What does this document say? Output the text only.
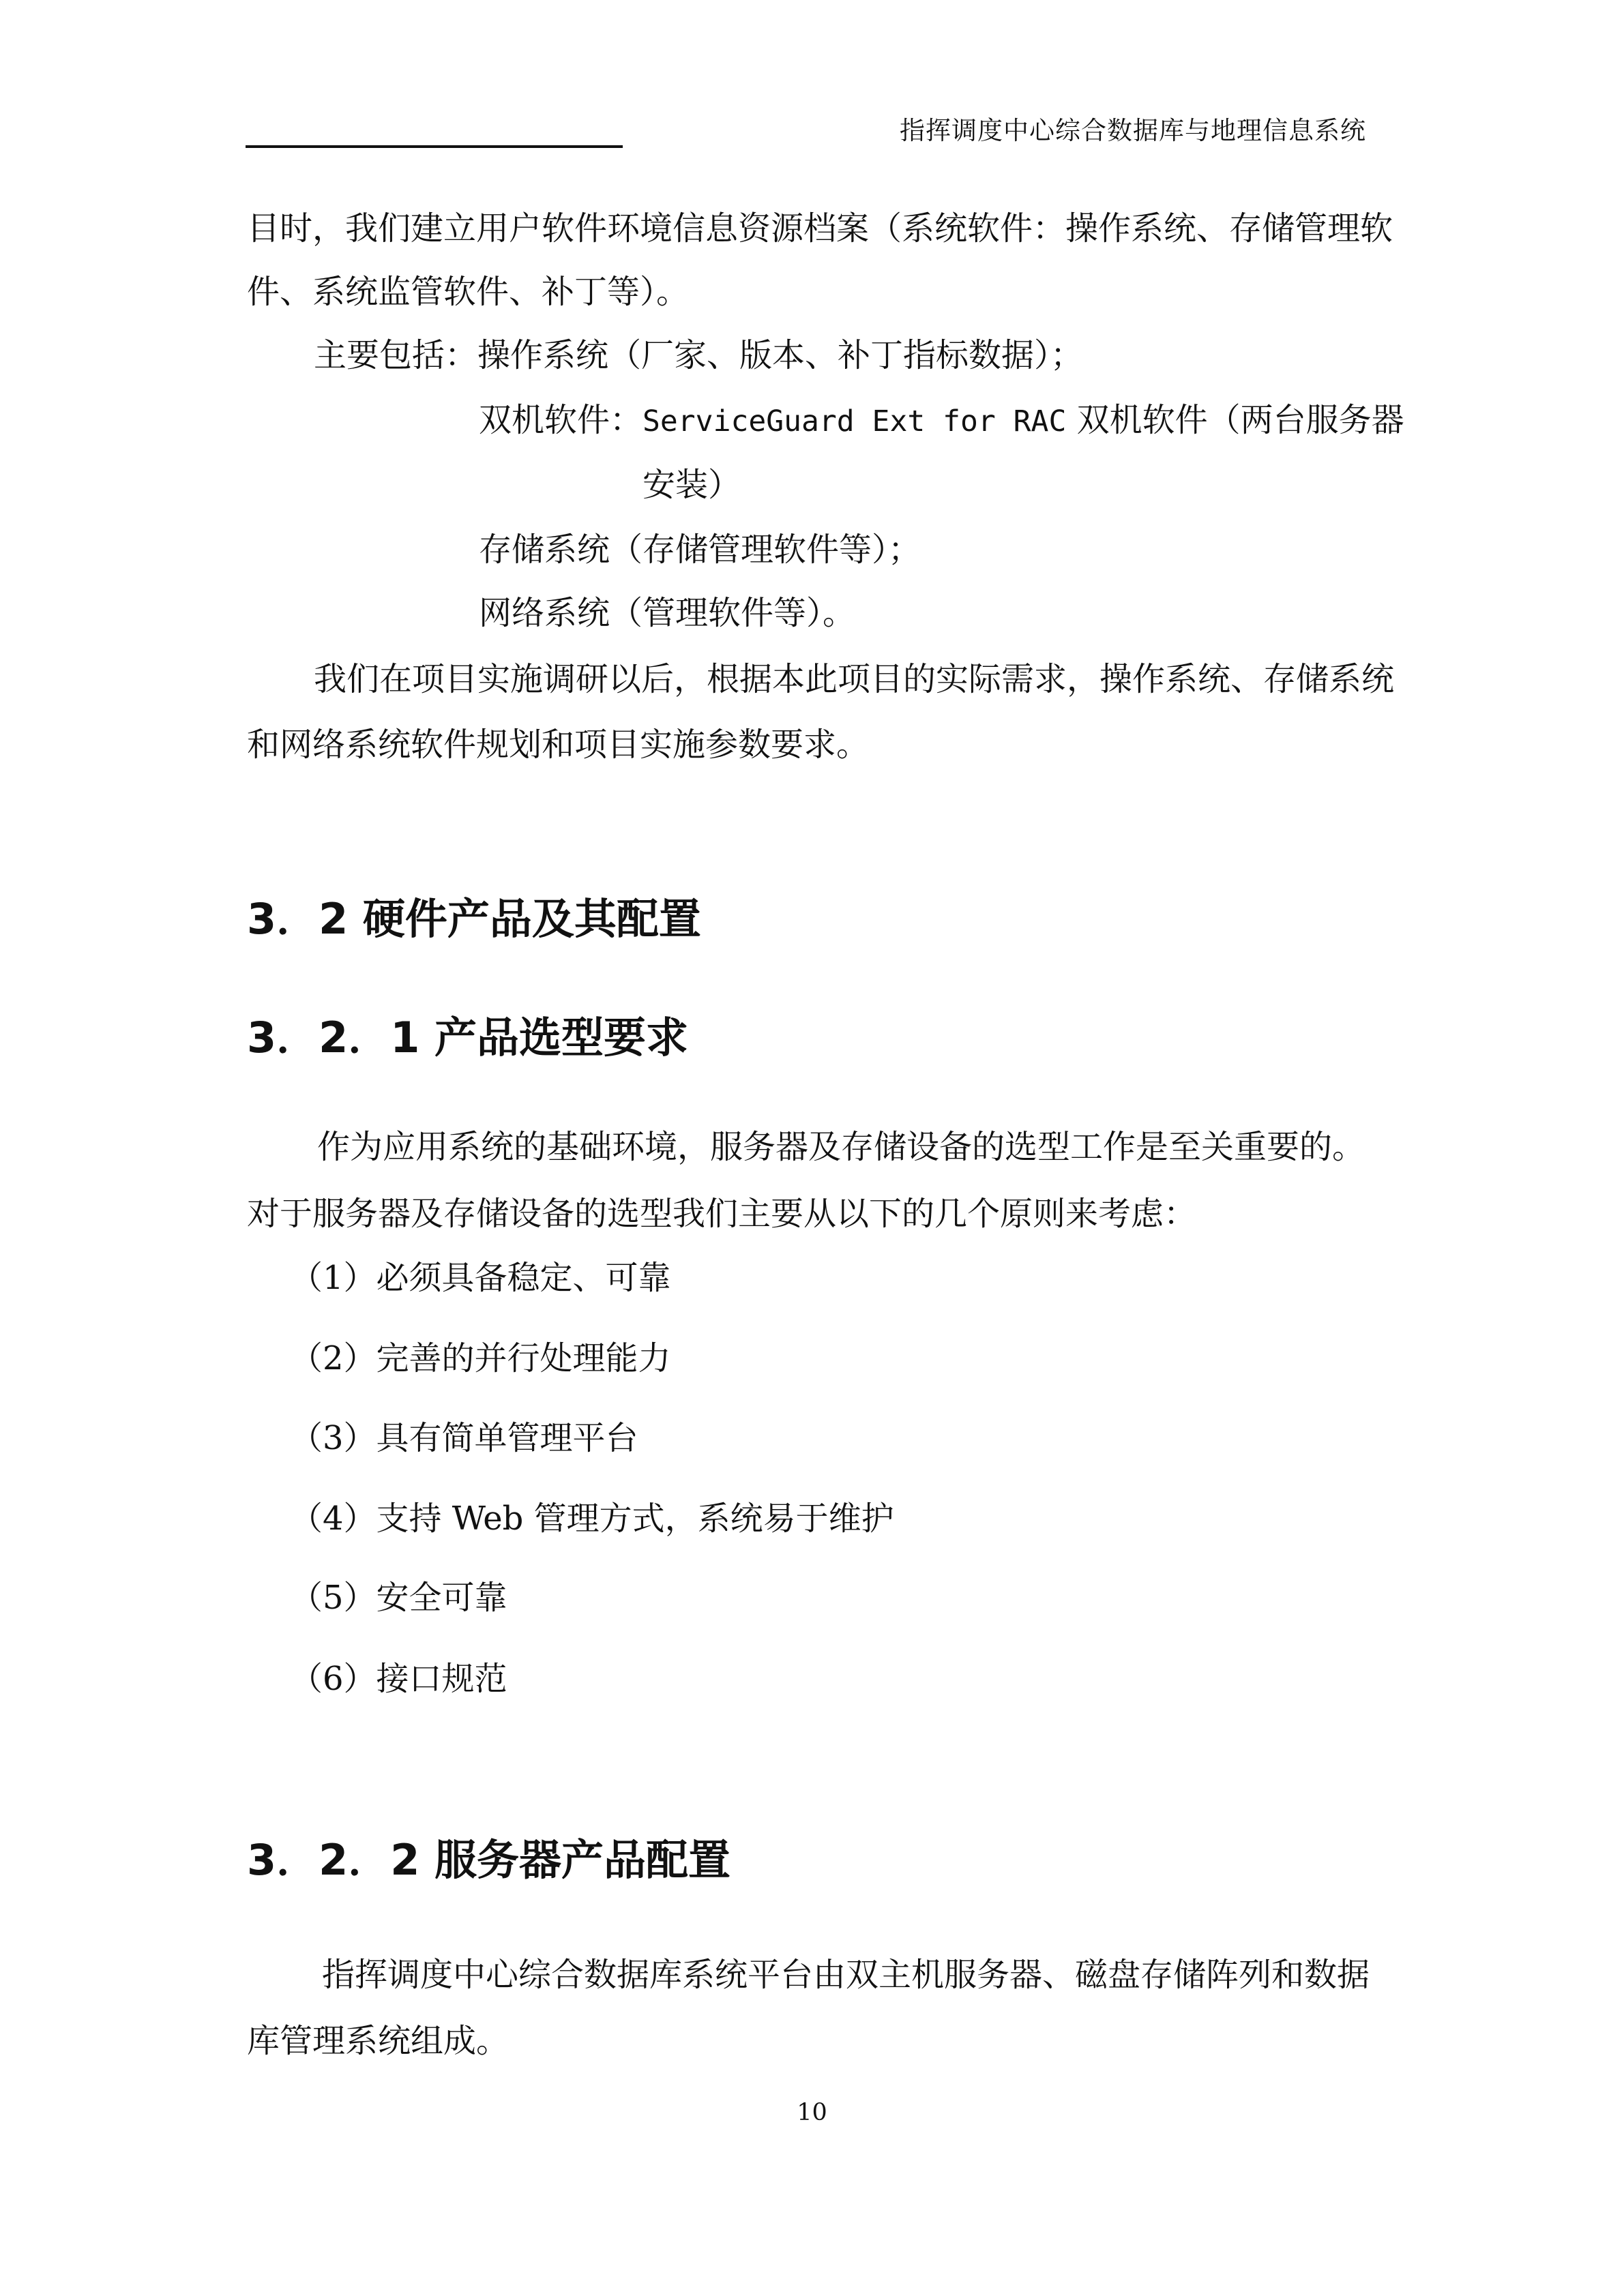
指挥调度中心综合数据库与地理信息系统
目时，我们建立用户软件环境信息资源档案（系统软件：操作系统、存储管理软
件、系统监管软件、补丁等）。
主要包括：操作系统（厂家、版本、补丁指标数据）；
双机软件：ServiceGuard Ext for RAC 双机软件（两台服务器
安装）
存储系统（存储管理软件等）；
网络系统（管理软件等）。
我们在项目实施调研以后，根据本此项目的实际需求，操作系统、存储系统
和网络系统软件规划和项目实施参数要求。
3．2 硬件产品及其配置
3．2．1 产品选型要求
作为应用系统的基础环境，服务器及存储设备的选型工作是至关重要的。
对于服务器及存储设备的选型我们主要从以下的几个原则来考虑：
（1）必须具备稳定、可靠
（2）完善的并行处理能力
（3）具有简单管理平台
（4）支持 Web 管理方式，系统易于维护
（5）安全可靠
（6）接口规范
3．2．2 服务器产品配置
指挥调度中心综合数据库系统平台由双主机服务器、磁盘存储阵列和数据
库管理系统组成。
10
